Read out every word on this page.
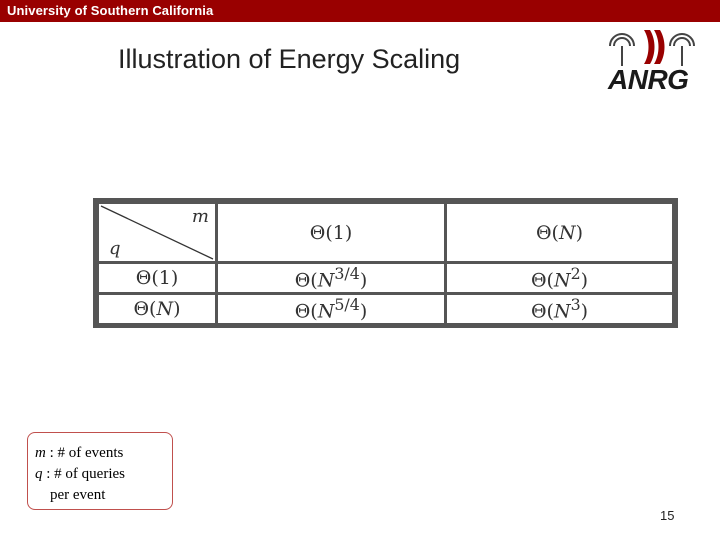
University of Southern California
Illustration of Energy Scaling
ANRG
m
q	Θ(1)	Θ(N)
Θ(1)	$\Theta(N^{3/4})$	$\Theta(N^2)$
Θ(N)	$\Theta(N^{5/4})$	$\Theta(N^3)$
m : # of events
q : # of queries
per event
15
